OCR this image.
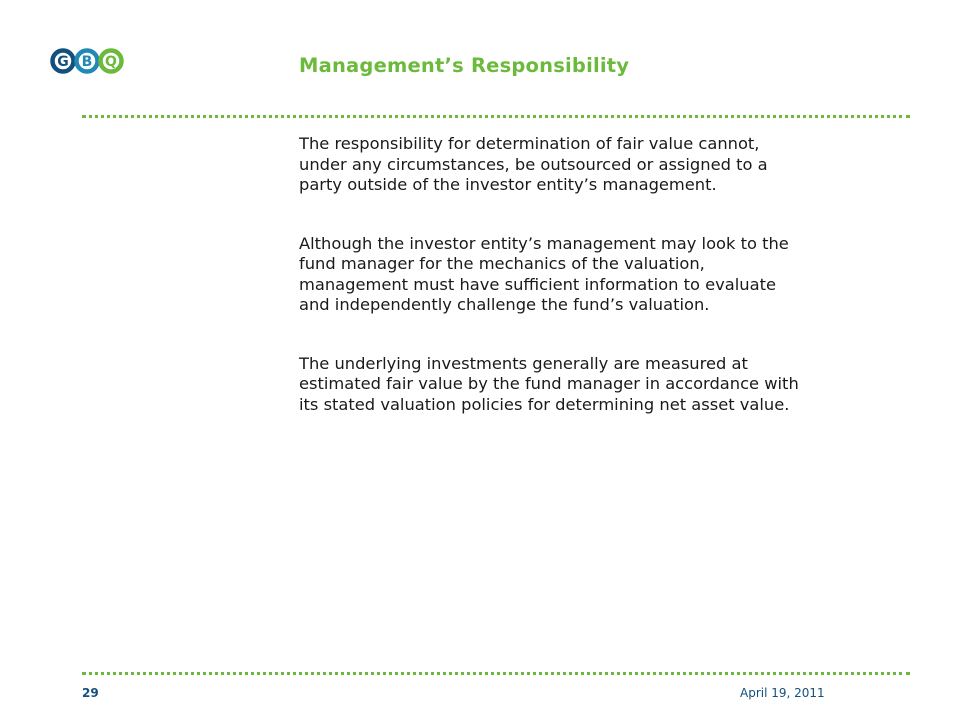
G B Q	Management’s Responsibility

The responsibility for determination of fair value cannot,
under any circumstances, be outsourced or assigned to a
party outside of the investor entity’s management.

Although the investor entity’s management may look to the
fund manager for the mechanics of the valuation,
management must have sufficient information to evaluate
and independently challenge the fund’s valuation.

The underlying investments generally are measured at
estimated fair value by the fund manager in accordance with
its stated valuation policies for determining net asset value.

29	April 19, 2011
